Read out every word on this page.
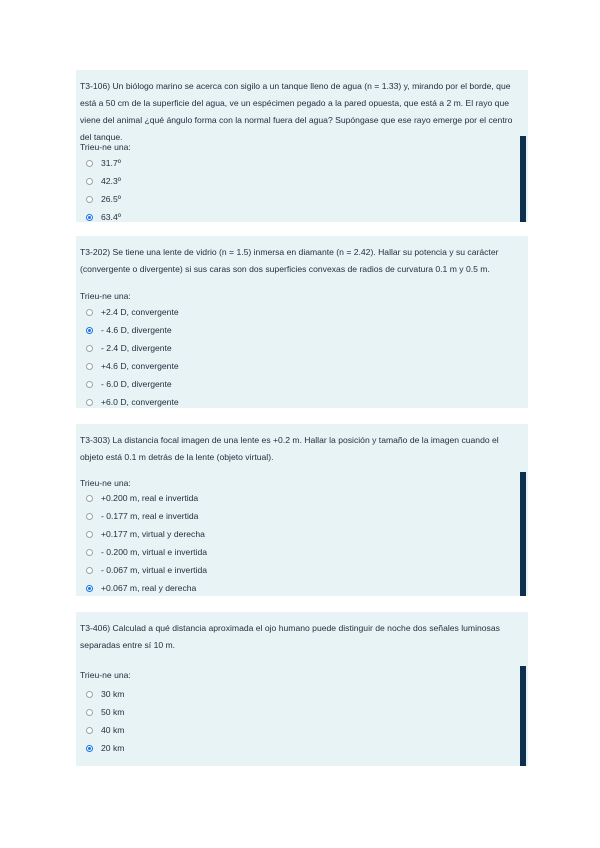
T3-106) Un biólogo marino se acerca con sigilo a un tanque lleno de agua (n = 1.33) y, mirando por el borde, que está a 50 cm de la superficie del agua, ve un espécimen pegado a la pared opuesta, que está a 2 m. El rayo que viene del animal ¿qué ángulo forma con la normal fuera del agua? Supóngase que ese rayo emerge por el centro del tanque.

Trieu-ne una:

31.7º
42.3º
26.5º
63.4º

T3-202) Se tiene una lente de vidrio (n = 1.5) inmersa en diamante (n = 2.42). Hallar su potencia y su carácter (convergente o divergente) si sus caras son dos superficies convexas de radios de curvatura 0.1 m y 0.5 m.

Trieu-ne una:

+2.4 D, convergente
- 4.6 D, divergente
- 2.4 D, divergente
+4.6 D, convergente
- 6.0 D, divergente
+6.0 D, convergente

T3-303) La distancia focal imagen de una lente es +0.2 m. Hallar la posición y tamaño de la imagen cuando el objeto está 0.1 m detrás de la lente (objeto virtual).

Trieu-ne una:

+0.200 m, real e invertida
- 0.177 m, real e invertida
+0.177 m, virtual y derecha
- 0.200 m, virtual e invertida
- 0.067 m, virtual e invertida
+0.067 m, real y derecha

T3-406) Calculad a qué distancia aproximada el ojo humano puede distinguir de noche dos señales luminosas separadas entre sí 10 m.

Trieu-ne una:

30 km
50 km
40 km
20 km
